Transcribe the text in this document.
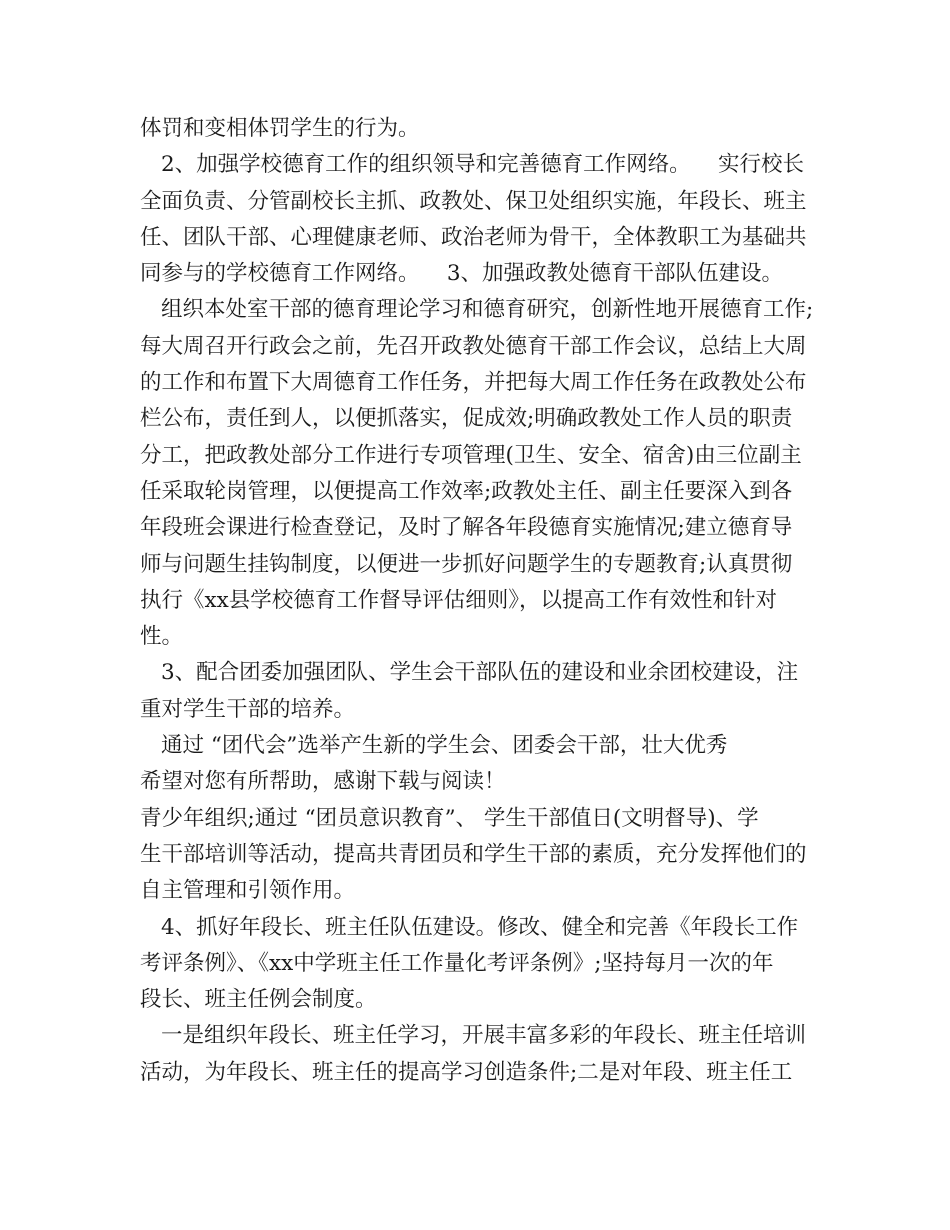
体罚和变相体罚学生的行为。
2、加强学校德育工作的组织领导和完善德育工作网络。    实行校长
全面负责、分管副校长主抓、政教处、保卫处组织实施，年段长、班主
任、团队干部、心理健康老师、政治老师为骨干，全体教职工为基础共
同参与的学校德育工作网络。    3、加强政教处德育干部队伍建设。
组织本处室干部的德育理论学习和德育研究，创新性地开展德育工作;
每大周召开行政会之前，先召开政教处德育干部工作会议，总结上大周
的工作和布置下大周德育工作任务，并把每大周工作任务在政教处公布
栏公布，责任到人，以便抓落实，促成效;明确政教处工作人员的职责
分工，把政教处部分工作进行专项管理(卫生、安全、宿舍)由三位副主
任采取轮岗管理，以便提高工作效率;政教处主任、副主任要深入到各
年段班会课进行检查登记，及时了解各年段德育实施情况;建立德育导
师与问题生挂钩制度，以便进一步抓好问题学生的专题教育;认真贯彻
执行《xx县学校德育工作督导评估细则》，以提高工作有效性和针对
性。
3、配合团委加强团队、学生会干部队伍的建设和业余团校建设，注
重对学生干部的培养。
通过 “团代会”选举产生新的学生会、团委会干部，壮大优秀
希望对您有所帮助，感谢下载与阅读！
青少年组织;通过 “团员意识教育”、 学生干部值日(文明督导)、学
生干部培训等活动，提高共青团员和学生干部的素质，充分发挥他们的
自主管理和引领作用。
4、抓好年段长、班主任队伍建设。修改、健全和完善《年段长工作
考评条例》、《xx中学班主任工作量化考评条例》;坚持每月一次的年
段长、班主任例会制度。
一是组织年段长、班主任学习，开展丰富多彩的年段长、班主任培训
活动，为年段长、班主任的提高学习创造条件;二是对年段、班主任工
